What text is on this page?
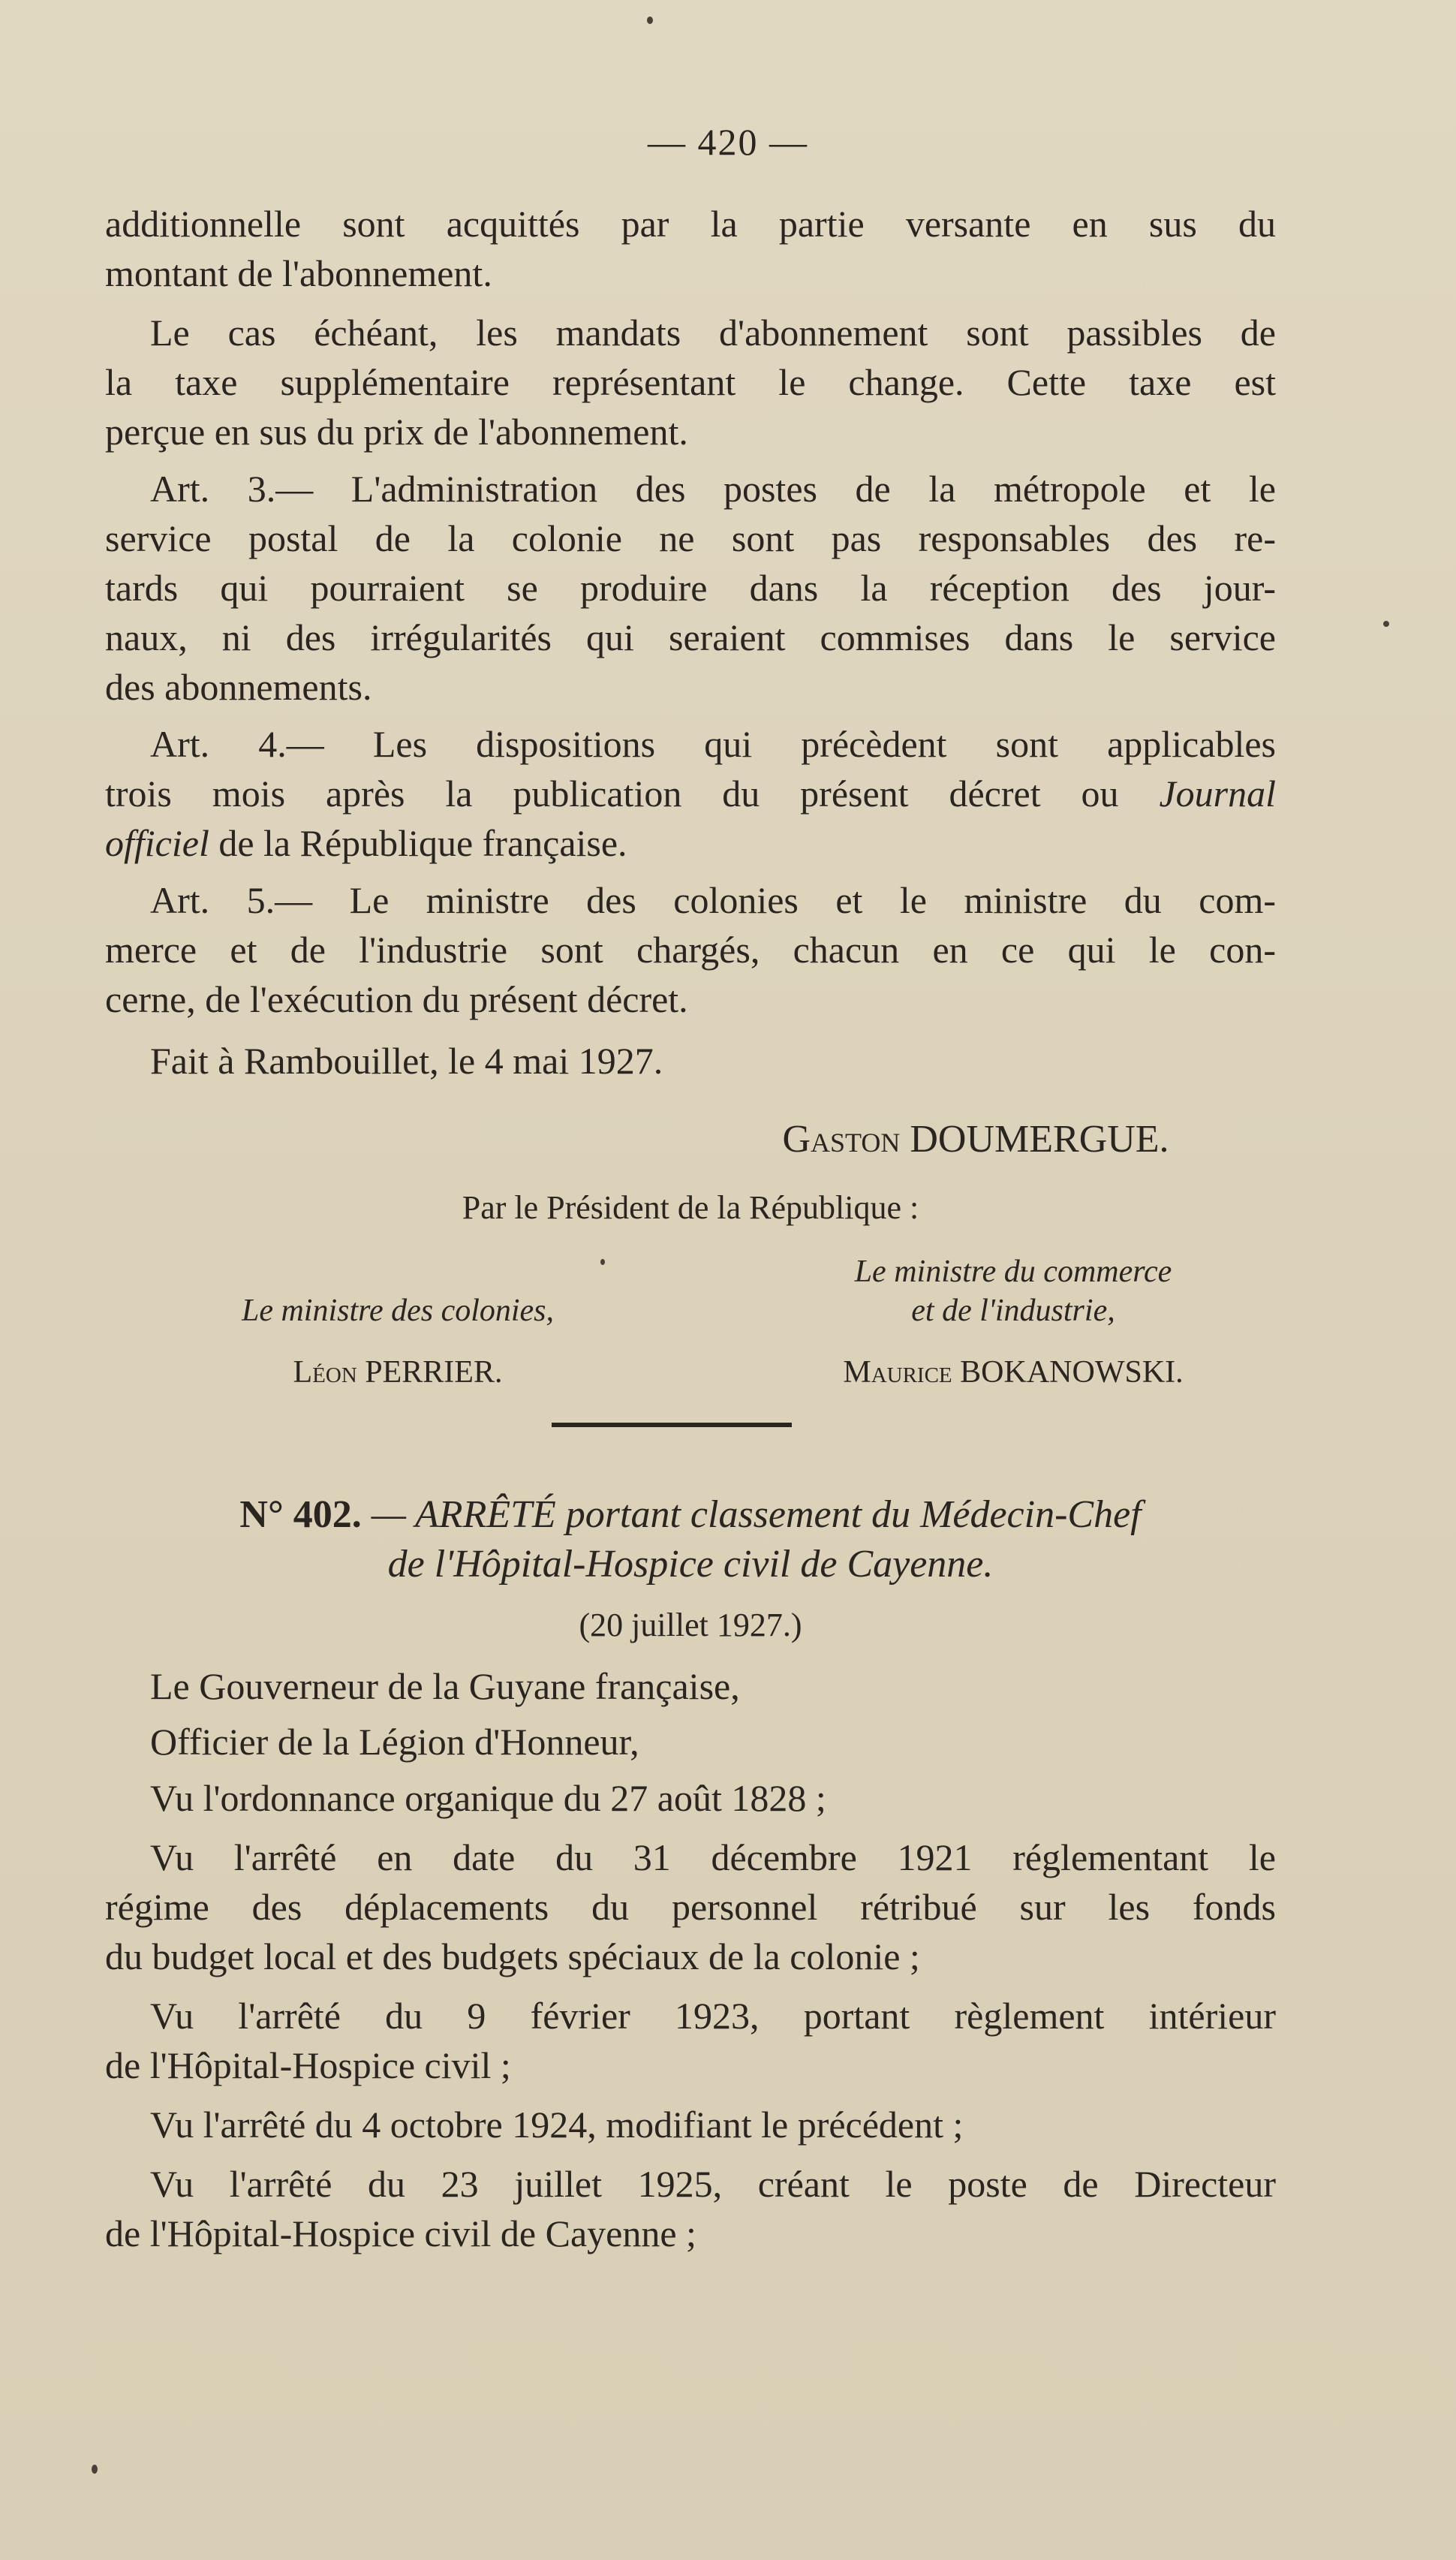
— 420 —
additionnelle sont acquittés par la partie versante en sus du
montant de l'abonnement.
Le cas échéant, les mandats d'abonnement sont passibles de
la taxe supplémentaire représentant le change. Cette taxe est
perçue en sus du prix de l'abonnement.
Art. 3.— L'administration des postes de la métropole et le
service postal de la colonie ne sont pas responsables des re-
tards qui pourraient se produire dans la réception des jour-
naux, ni des irrégularités qui seraient commises dans le service
des abonnements.
Art. 4.— Les dispositions qui précèdent sont applicables
trois mois après la publication du présent décret ou Journal
officiel de la République française.
Art. 5.— Le ministre des colonies et le ministre du com-
merce et de l'industrie sont chargés, chacun en ce qui le con-
cerne, de l'exécution du présent décret.
Fait à Rambouillet, le 4 mai 1927.
Gaston DOUMERGUE.
Par le Président de la République :
Le ministre du commerce
Le ministre des colonies,	et de l'industrie,
Léon PERRIER.	Maurice BOKANOWSKI.
N° 402. — ARRÊTÉ portant classement du Médecin-Chef
de l'Hôpital-Hospice civil de Cayenne.
(20 juillet 1927.)
Le Gouverneur de la Guyane française,
Officier de la Légion d'Honneur,
Vu l'ordonnance organique du 27 août 1828 ;
Vu l'arrêté en date du 31 décembre 1921 réglementant le
régime des déplacements du personnel rétribué sur les fonds
du budget local et des budgets spéciaux de la colonie ;
Vu l'arrêté du 9 février 1923, portant règlement intérieur
de l'Hôpital-Hospice civil ;
Vu l'arrêté du 4 octobre 1924, modifiant le précédent ;
Vu l'arrêté du 23 juillet 1925, créant le poste de Directeur
de l'Hôpital-Hospice civil de Cayenne ;
